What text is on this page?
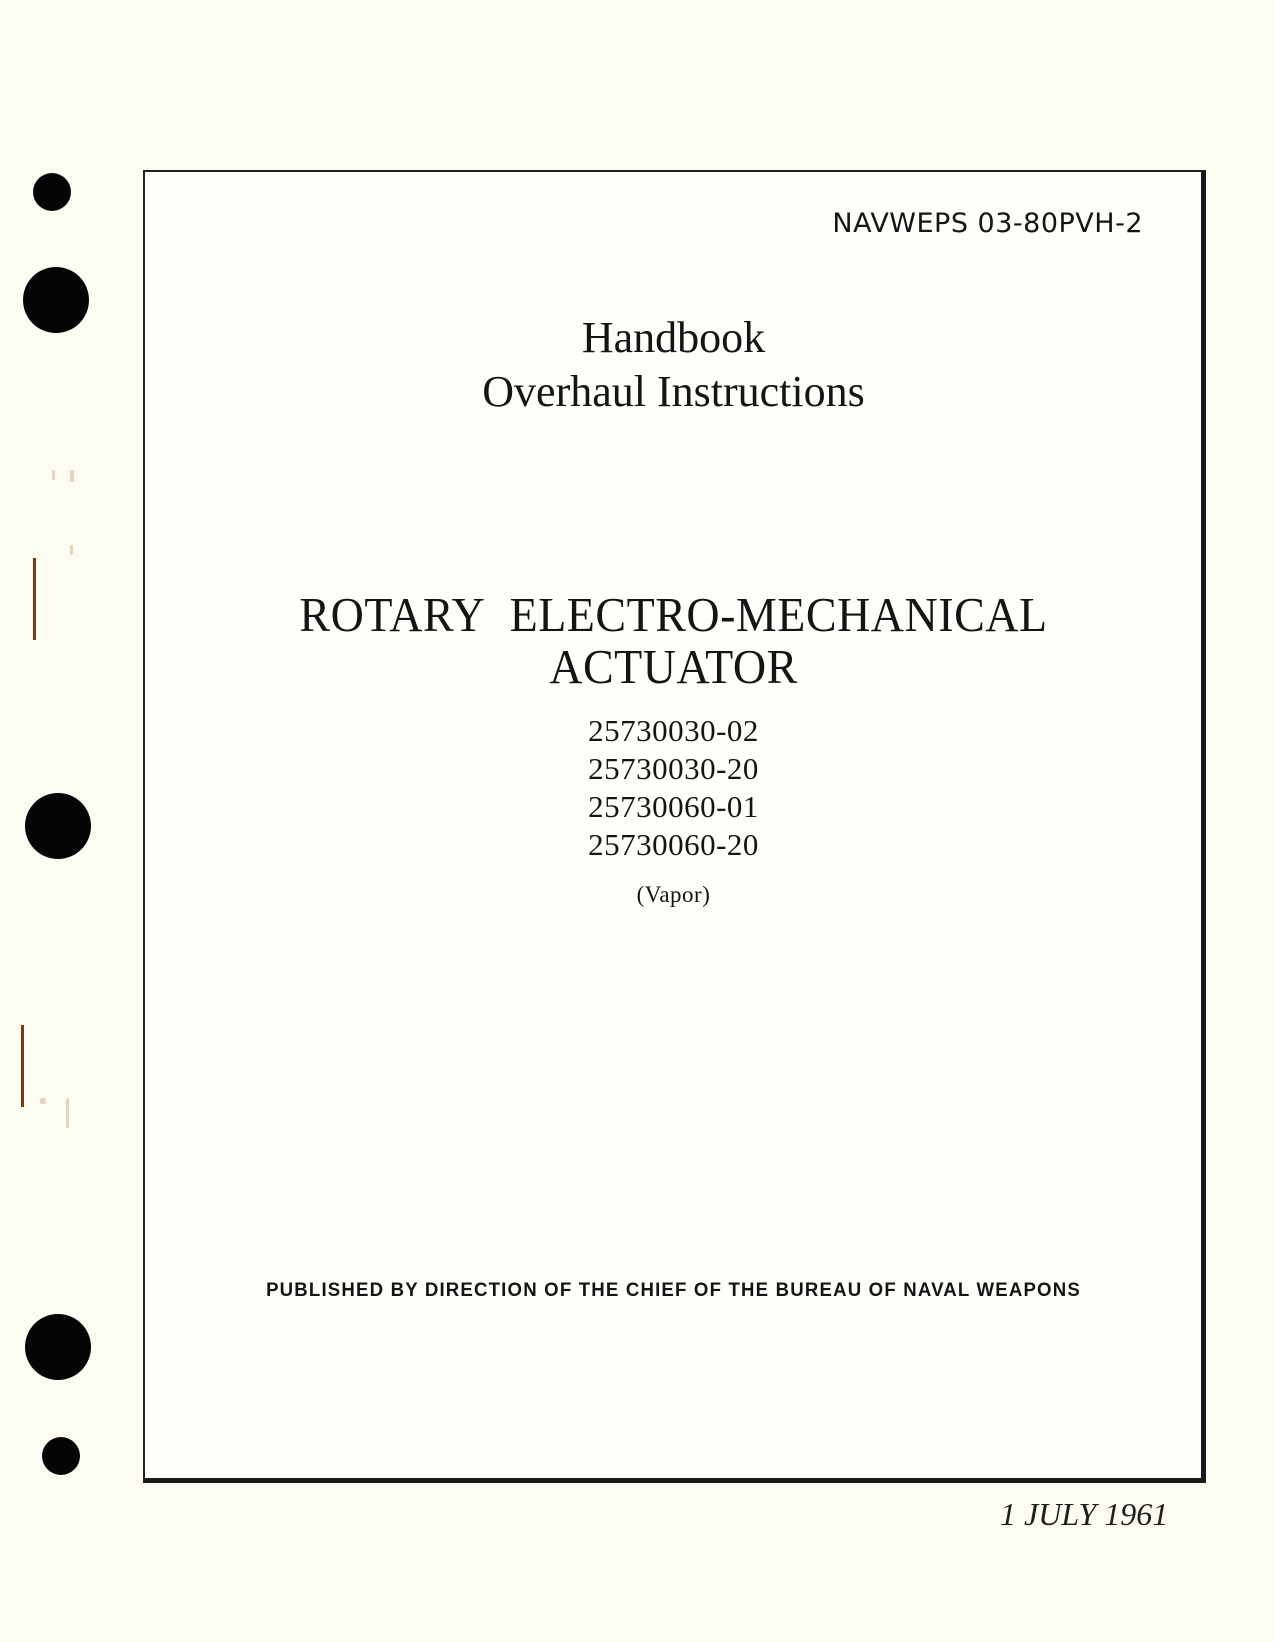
NAVWEPS 03-80PVH-2
Handbook
Overhaul Instructions
ROTARY ELECTRO-MECHANICAL
ACTUATOR
25730030-02
25730030-20
25730060-01
25730060-20
(Vapor)
PUBLISHED BY DIRECTION OF THE CHIEF OF THE BUREAU OF NAVAL WEAPONS
1 JULY 1961
